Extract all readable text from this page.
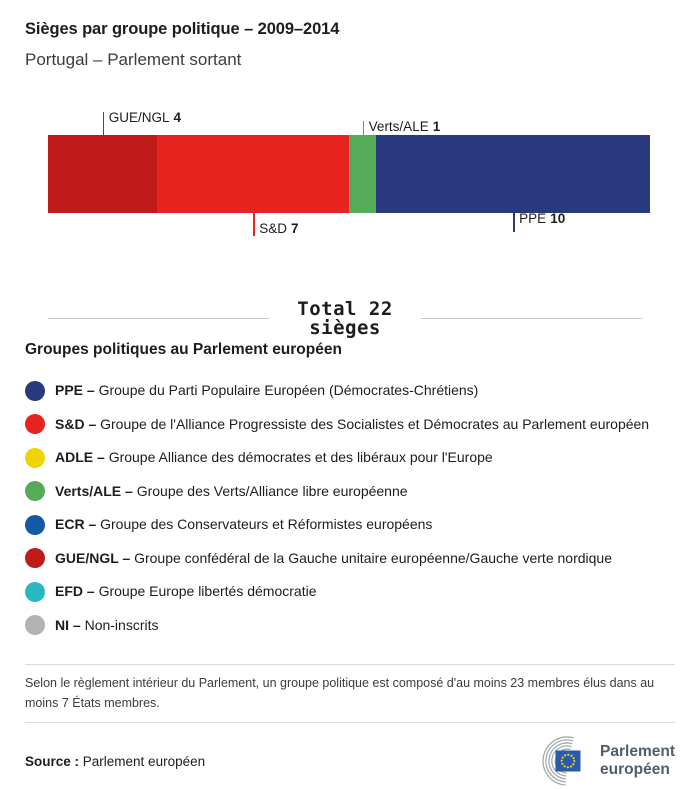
Sièges par groupe politique – 2009–2014
Portugal – Parlement sortant
GUE/NGL 4
S&D 7
Verts/ALE 1
PPE 10
Total 22
sièges
Groupes politiques au Parlement européen
PPE – Groupe du Parti Populaire Européen (Démocrates-Chrétiens)
S&D – Groupe de l'Alliance Progressiste des Socialistes et Démocrates au Parlement européen
ADLE – Groupe Alliance des démocrates et des libéraux pour l'Europe
Verts/ALE – Groupe des Verts/Alliance libre européenne
ECR – Groupe des Conservateurs et Réformistes européens
GUE/NGL – Groupe confédéral de la Gauche unitaire européenne/Gauche verte nordique
EFD – Groupe Europe libertés démocratie
NI – Non-inscrits
Selon le règlement intérieur du Parlement, un groupe politique est composé d'au moins 23 membres élus dans au moins 7 États membres.
Source : Parlement européen
Parlement
européen
